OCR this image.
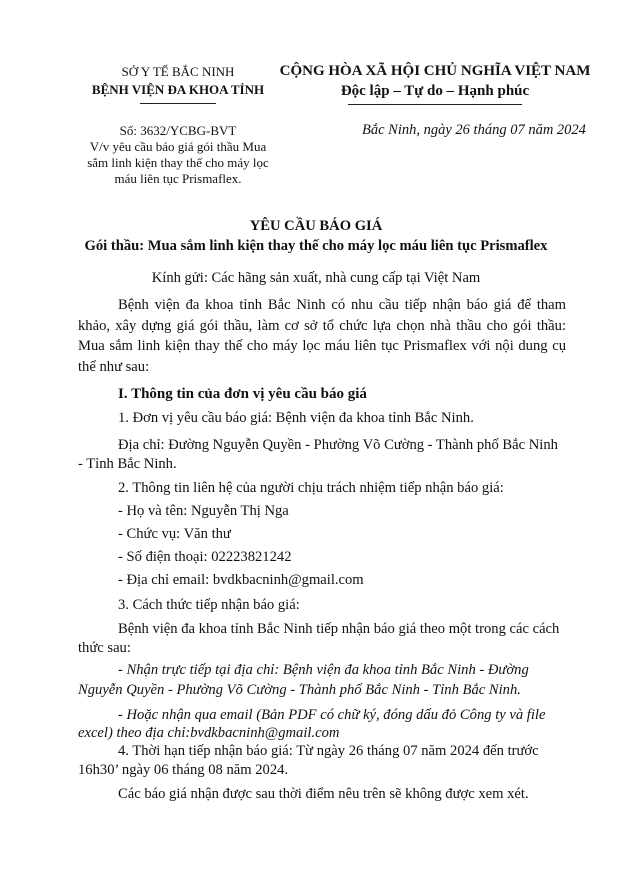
SỞ Y TẾ BẮC NINH
BỆNH VIỆN ĐA KHOA TỈNH
CỘNG HÒA XÃ HỘI CHỦ NGHĨA VIỆT NAM
Độc lập – Tự do – Hạnh phúc
Số: 3632/YCBG-BVT
V/v yêu cầu báo giá gói thầu Mua
sắm linh kiện thay thế cho máy lọc
máu liên tục Prismaflex.
Bắc Ninh, ngày 26 tháng 07 năm 2024
YÊU CẦU BÁO GIÁ
Gói thầu: Mua sắm linh kiện thay thế cho máy lọc máu liên tục Prismaflex
Kính gửi: Các hãng sản xuất, nhà cung cấp tại Việt Nam
Bệnh viện đa khoa tỉnh Bắc Ninh có nhu cầu tiếp nhận báo giá để tham khảo, xây dựng giá gói thầu, làm cơ sở tổ chức lựa chọn nhà thầu cho gói thầu: Mua sắm linh kiện thay thế cho máy lọc máu liên tục Prismaflex với nội dung cụ thể như sau:
I. Thông tin của đơn vị yêu cầu báo giá
1. Đơn vị yêu cầu báo giá: Bệnh viện đa khoa tỉnh Bắc Ninh.
Địa chỉ: Đường Nguyễn Quyền - Phường Võ Cường - Thành phố Bắc Ninh
- Tỉnh Bắc Ninh.
2. Thông tin liên hệ của người chịu trách nhiệm tiếp nhận báo giá:
- Họ và tên: Nguyễn Thị Nga
- Chức vụ: Văn thư
- Số điện thoại: 02223821242
- Địa chỉ email: bvdkbacninh@gmail.com
3. Cách thức tiếp nhận báo giá:
Bệnh viện đa khoa tỉnh Bắc Ninh tiếp nhận báo giá theo một trong các cách
thức sau:
- Nhận trực tiếp tại địa chỉ: Bệnh viện đa khoa tỉnh Bắc Ninh - Đường
Nguyễn Quyền - Phường Võ Cường - Thành phố Bắc Ninh - Tỉnh Bắc Ninh.
- Hoặc nhận qua email (Bản PDF có chữ ký, đóng dấu đỏ Công ty và file
excel) theo địa chỉ:bvdkbacninh@gmail.com
4. Thời hạn tiếp nhận báo giá: Từ ngày 26 tháng 07 năm 2024 đến trước
16h30’ ngày 06 tháng 08 năm 2024.
Các báo giá nhận được sau thời điểm nêu trên sẽ không được xem xét.
